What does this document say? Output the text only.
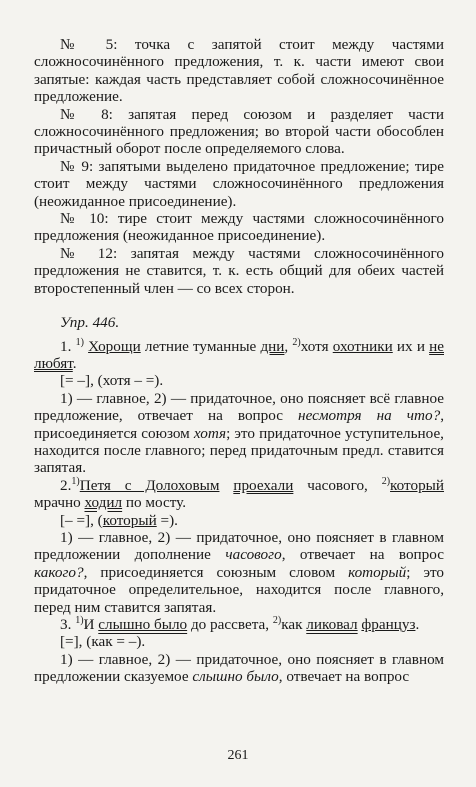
№ 5: точка с запятой стоит между частями сложносочинённого предложения, т. к. части имеют свои запятые: каждая часть представляет собой сложносочинённое предложение.

№ 8: запятая перед союзом и разделяет части сложносочинённого предложения; во второй части обособлен причастный оборот после определяемого слова.

№ 9: запятыми выделено придаточное предложение; тире стоит между частями сложносочинённого предложения (неожиданное присоединение).

№ 10: тире стоит между частями сложносочинённого предложения (неожиданное присоединение).

№ 12: запятая между частями сложносочинённого предложения не ставится, т. к. есть общий для обеих частей второстепенный член — со всех сторон.

Упр. 446.

1. $^{1)}$ Хорощи летние туманные дни, $^{2)}$хотя охотники их и не любят.

[= –], (хотя – =).

1) — главное, 2) — придаточное, оно поясняет всё главное предложение, отвечает на вопрос несмотря на что?, присоединяется союзом хотя; это придаточное уступительное, находится после главного; перед придаточным предл. ставится запятая.

2.$^{1)}$Петя с Долоховым проехали часового, $^{2)}$который мрачно ходил по мосту.

[– =], (который =).

1) — главное, 2) — придаточное, оно поясняет в главном предложении дополнение часового, отвечает на вопрос какого?, присоединяется союзным словом который; это придаточное определительное, находится после главного, перед ним ставится запятая.

3. $^{1)}$И слышно было до рассвета, $^{2)}$как ликовал француз.

[=], (как = –).

1) — главное, 2) — придаточное, оно поясняет в главном предложении сказуемое слышно было, отвечает на вопрос

261
